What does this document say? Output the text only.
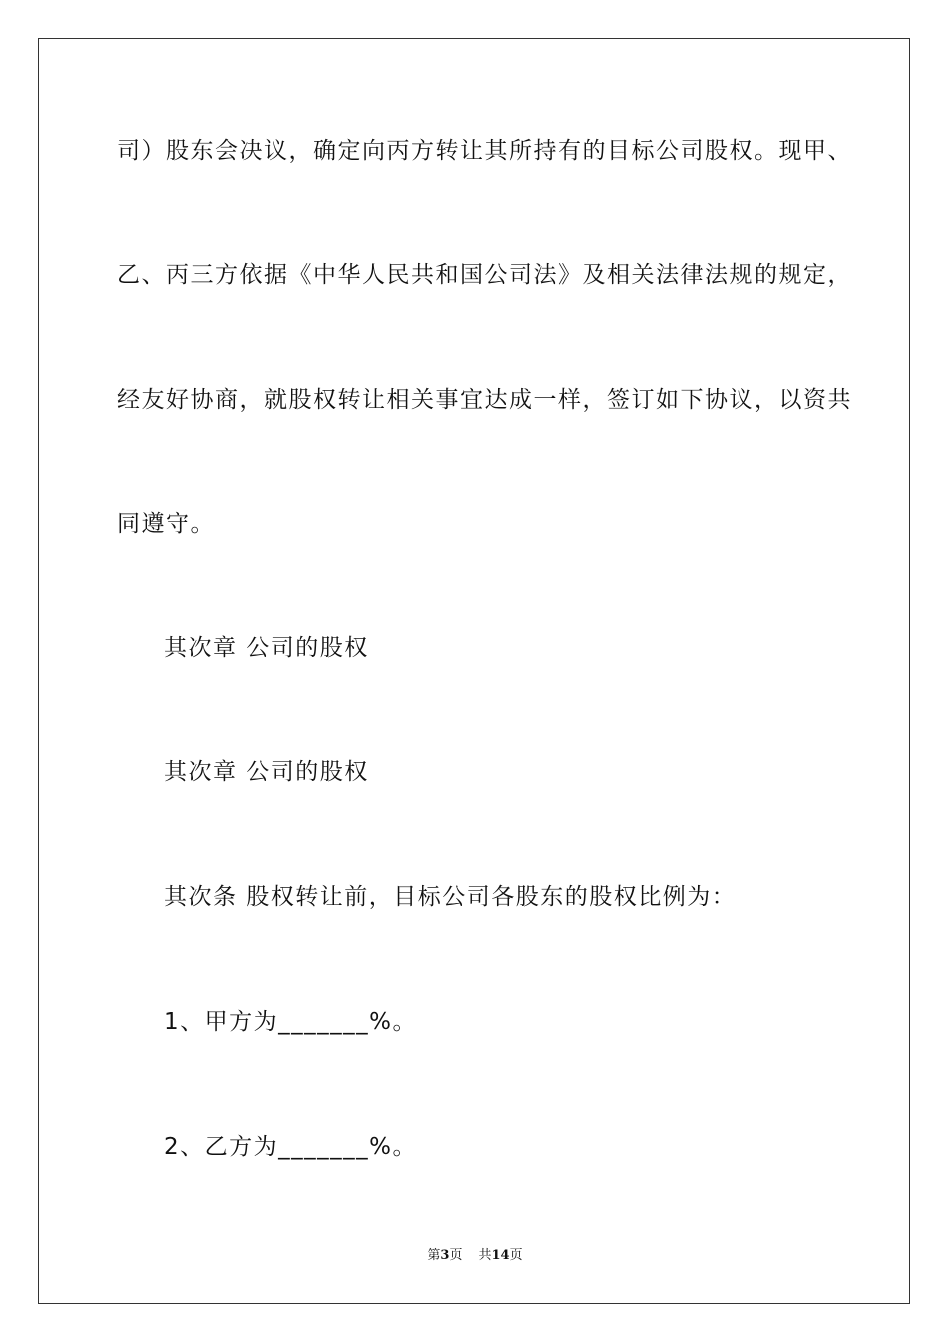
司）股东会决议，确定向丙方转让其所持有的目标公司股权。现甲、
乙、丙三方依据《中华人民共和国公司法》及相关法律法规的规定，
经友好协商，就股权转让相关事宜达成一样，签订如下协议，以资共
同遵守。
其次章 公司的股权
其次章 公司的股权
其次条 股权转让前，目标公司各股东的股权比例为：
1、甲方为_______%。
2、乙方为_______%。
第3页 共14页
